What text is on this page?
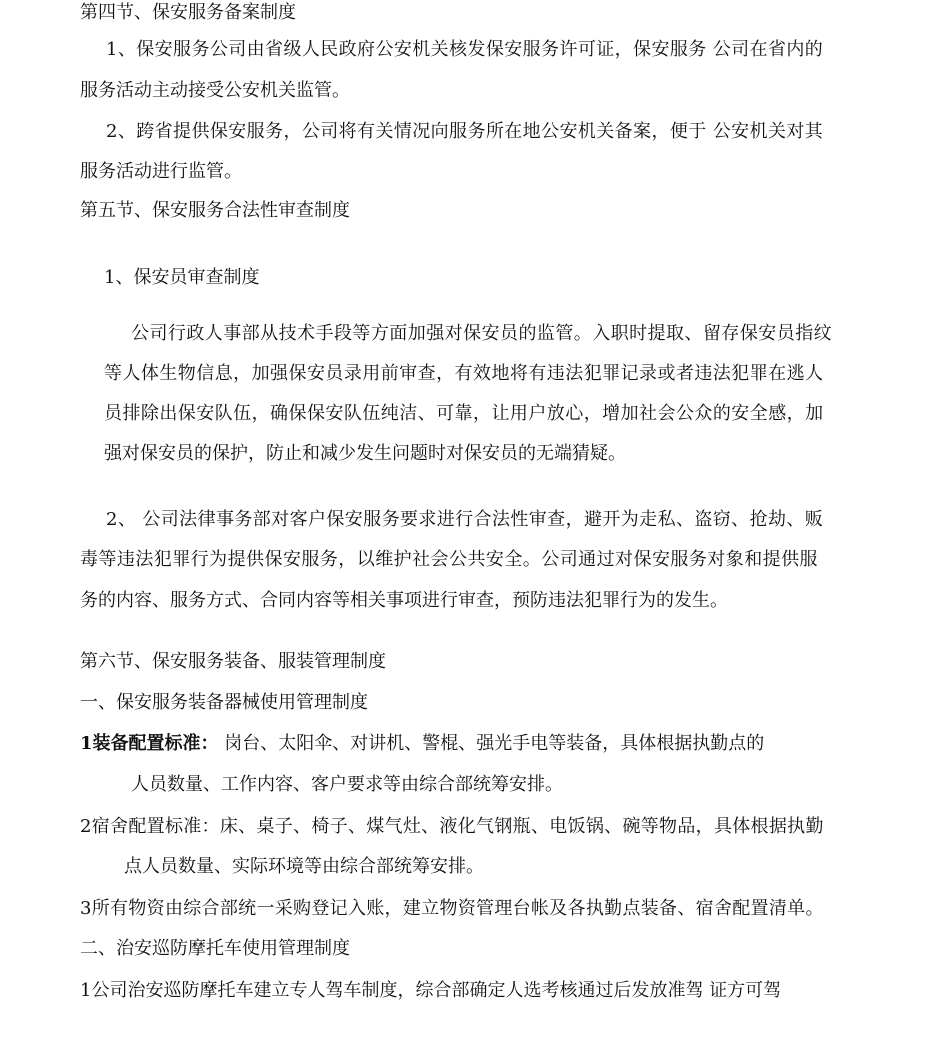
第四节、保安服务备案制度
1、保安服务公司由省级人民政府公安机关核发保安服务许可证，保安服务 公司在省内的
服务活动主动接受公安机关监管。
2、跨省提供保安服务，公司将有关情况向服务所在地公安机关备案，便于 公安机关对其
服务活动进行监管。
第五节、保安服务合法性审查制度
1、保安员审查制度
公司行政人事部从技术手段等方面加强对保安员的监管。入职时提取、留存保安员指纹
等人体生物信息，加强保安员录用前审查，有效地将有违法犯罪记录或者违法犯罪在逃人
员排除出保安队伍，确保保安队伍纯洁、可靠，让用户放心，增加社会公众的安全感，加
强对保安员的保护，防止和减少发生问题时对保安员的无端猜疑。
2、 公司法律事务部对客户保安服务要求进行合法性审查，避开为走私、盗窃、抢劫、贩
毒等违法犯罪行为提供保安服务，以维护社会公共安全。公司通过对保安服务对象和提供服
务的内容、服务方式、合同内容等相关事项进行审查，预防违法犯罪行为的发生。
第六节、保安服务装备、服装管理制度
一、保安服务装备器械使用管理制度
1装备配置标准： 岗台、太阳伞、对讲机、警棍、强光手电等装备，具体根据执勤点的
人员数量、工作内容、客户要求等由综合部统筹安排。
2宿舍配置标准：床、桌子、椅子、煤气灶、液化气钢瓶、电饭锅、碗等物品，具体根据执勤
点人员数量、实际环境等由综合部统筹安排。
3所有物资由综合部统一采购登记入账，建立物资管理台帐及各执勤点装备、宿舍配置清单。
二、治安巡防摩托车使用管理制度
1公司治安巡防摩托车建立专人驾车制度，综合部确定人选考核通过后发放准驾 证方可驾
